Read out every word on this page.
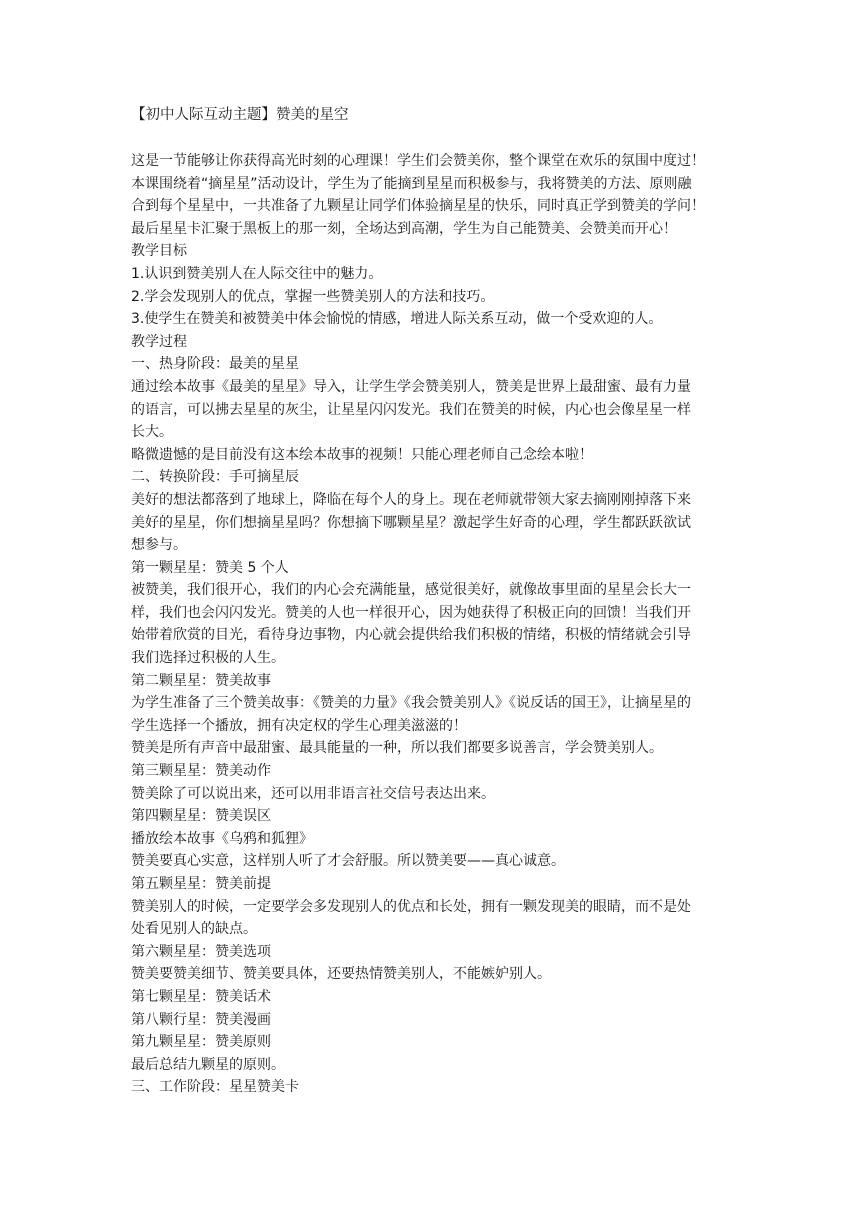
【初中人际互动主题】赞美的星空
这是一节能够让你获得高光时刻的心理课！学生们会赞美你，整个课堂在欢乐的氛围中度过！
本课围绕着“摘星星”活动设计，学生为了能摘到星星而积极参与，我将赞美的方法、原则融
合到每个星星中，一共准备了九颗星让同学们体验摘星星的快乐，同时真正学到赞美的学问！
最后星星卡汇聚于黑板上的那一刻，全场达到高潮，学生为自己能赞美、会赞美而开心！
教学目标
1.认识到赞美别人在人际交往中的魅力。
2.学会发现别人的优点，掌握一些赞美别人的方法和技巧。
3.使学生在赞美和被赞美中体会愉悦的情感，增进人际关系互动，做一个受欢迎的人。
教学过程
一、热身阶段：最美的星星
通过绘本故事《最美的星星》导入，让学生学会赞美别人，赞美是世界上最甜蜜、最有力量
的语言，可以拂去星星的灰尘，让星星闪闪发光。我们在赞美的时候，内心也会像星星一样
长大。
略微遗憾的是目前没有这本绘本故事的视频！只能心理老师自己念绘本啦！
二、转换阶段：手可摘星辰
美好的想法都落到了地球上，降临在每个人的身上。现在老师就带领大家去摘刚刚掉落下来
美好的星星，你们想摘星星吗？你想摘下哪颗星星？激起学生好奇的心理，学生都跃跃欲试
想参与。
第一颗星星：赞美 5 个人
被赞美，我们很开心，我们的内心会充满能量，感觉很美好，就像故事里面的星星会长大一
样，我们也会闪闪发光。赞美的人也一样很开心，因为她获得了积极正向的回馈！当我们开
始带着欣赏的目光，看待身边事物，内心就会提供给我们积极的情绪，积极的情绪就会引导
我们选择过积极的人生。
第二颗星星：赞美故事
为学生准备了三个赞美故事：《赞美的力量》《我会赞美别人》《说反话的国王》，让摘星星的
学生选择一个播放，拥有决定权的学生心理美滋滋的！
赞美是所有声音中最甜蜜、最具能量的一种，所以我们都要多说善言，学会赞美别人。
第三颗星星：赞美动作
赞美除了可以说出来，还可以用非语言社交信号表达出来。
第四颗星星：赞美误区
播放绘本故事《乌鸦和狐狸》
赞美要真心实意，这样别人听了才会舒服。所以赞美要——真心诚意。
第五颗星星：赞美前提
赞美别人的时候，一定要学会多发现别人的优点和长处，拥有一颗发现美的眼睛，而不是处
处看见别人的缺点。
第六颗星星：赞美选项
赞美要赞美细节、赞美要具体，还要热情赞美别人，不能嫉妒别人。
第七颗星星：赞美话术
第八颗行星：赞美漫画
第九颗星星：赞美原则
最后总结九颗星的原则。
三、工作阶段：星星赞美卡
